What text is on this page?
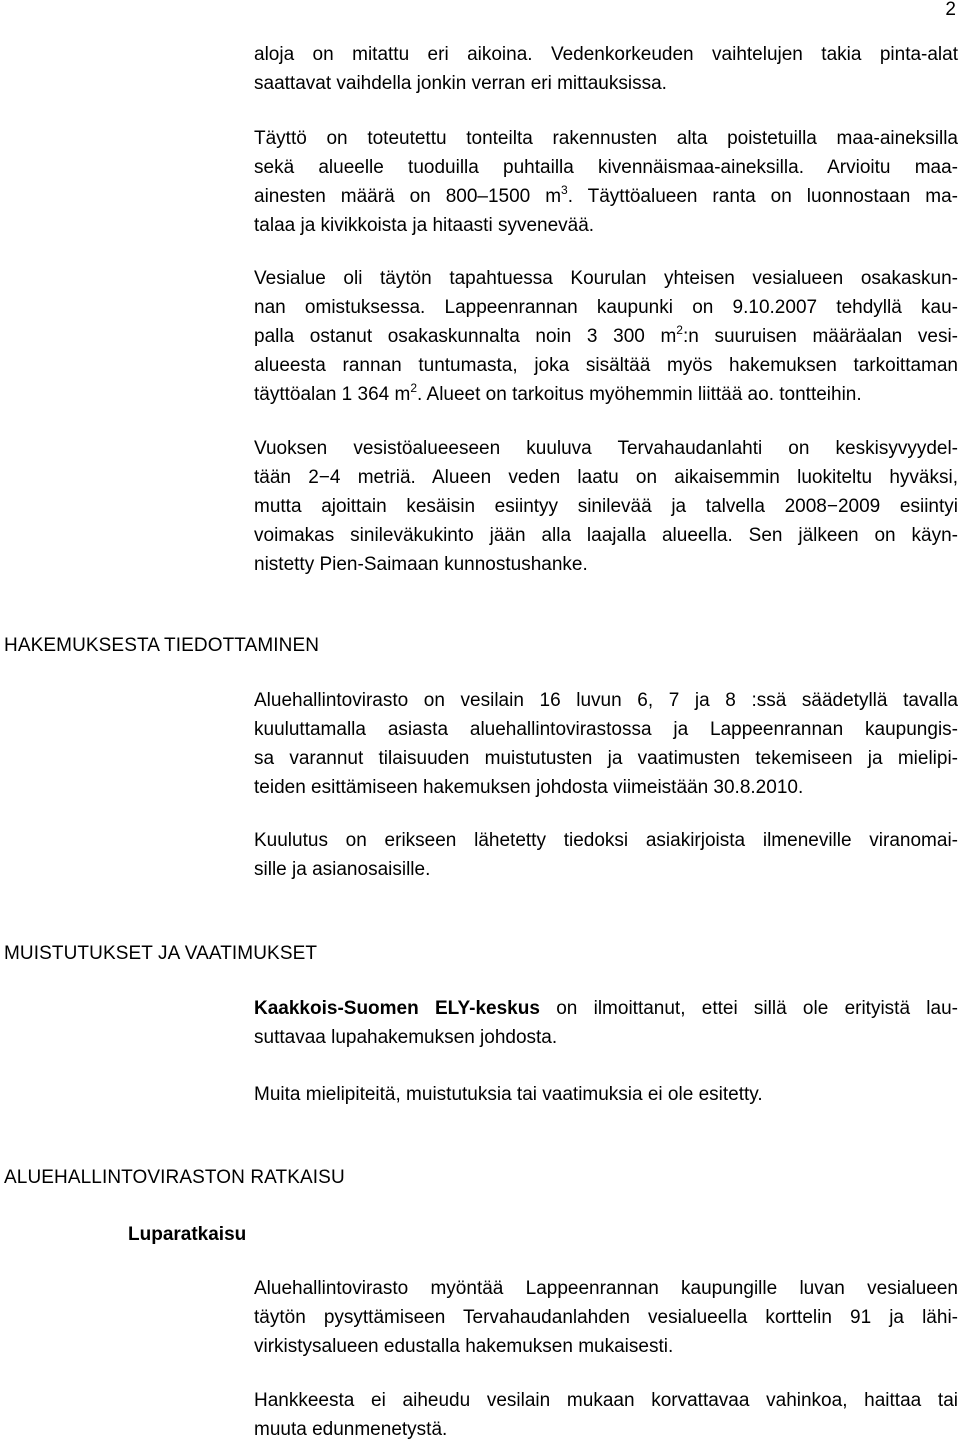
2
aloja on mitattu eri aikoina. Vedenkorkeuden vaihtelujen takia pinta-alat
saattavat vaihdella jonkin verran eri mittauksissa.
Täyttö on toteutettu tonteilta rakennusten alta poistetuilla maa-aineksilla
sekä alueelle tuoduilla puhtailla kivennäismaa-aineksilla. Arvioitu maa-
ainesten määrä on 800–1500 $m^3$. Täyttöalueen ranta on luonnostaan ma-
talaa ja kivikkoista ja hitaasti syvenevää.
Vesialue oli täytön tapahtuessa Kourulan yhteisen vesialueen osakaskun-
nan omistuksessa. Lappeenrannan kaupunki on 9.10.2007 tehdyllä kau-
palla ostanut osakaskunnalta noin 3 300 $m^2:n$ suuruisen määräalan vesi-
alueesta rannan tuntumasta, joka sisältää myös hakemuksen tarkoittaman
täyttöalan 1 364 $m^2$. Alueet on tarkoitus myöhemmin liittää ao. tontteihin.
Vuoksen vesistöalueeseen kuuluva Tervahaudanlahti on keskisyvyydel-
tään 2−4 metriä. Alueen veden laatu on aikaisemmin luokiteltu hyväksi,
mutta ajoittain kesäisin esiintyy sinilevää ja talvella 2008−2009 esiintyi
voimakas sinileväkukinto jään alla laajalla alueella. Sen jälkeen on käyn-
nistetty Pien-Saimaan kunnostushanke.
HAKEMUKSESTA TIEDOTTAMINEN
Aluehallintovirasto on vesilain 16 luvun 6, 7 ja 8 :ssä säädetyllä tavalla
kuuluttamalla asiasta aluehallintovirastossa ja Lappeenrannan kaupungis-
sa varannut tilaisuuden muistutusten ja vaatimusten tekemiseen ja mielipi-
teiden esittämiseen hakemuksen johdosta viimeistään 30.8.2010.
Kuulutus on erikseen lähetetty tiedoksi asiakirjoista ilmeneville viranomai-
sille ja asianosaisille.
MUISTUTUKSET JA VAATIMUKSET
Kaakkois-Suomen ELY-keskus on ilmoittanut, ettei sillä ole erityistä lau-
suttavaa lupahakemuksen johdosta.
Muita mielipiteitä, muistutuksia tai vaatimuksia ei ole esitetty.
ALUEHALLINTOVIRASTON RATKAISU
Luparatkaisu
Aluehallintovirasto myöntää Lappeenrannan kaupungille luvan vesialueen
täytön pysyttämiseen Tervahaudanlahden vesialueella korttelin 91 ja lähi-
virkistysalueen edustalla hakemuksen mukaisesti.
Hankkeesta ei aiheudu vesilain mukaan korvattavaa vahinkoa, haittaa tai
muuta edunmenetystä.
